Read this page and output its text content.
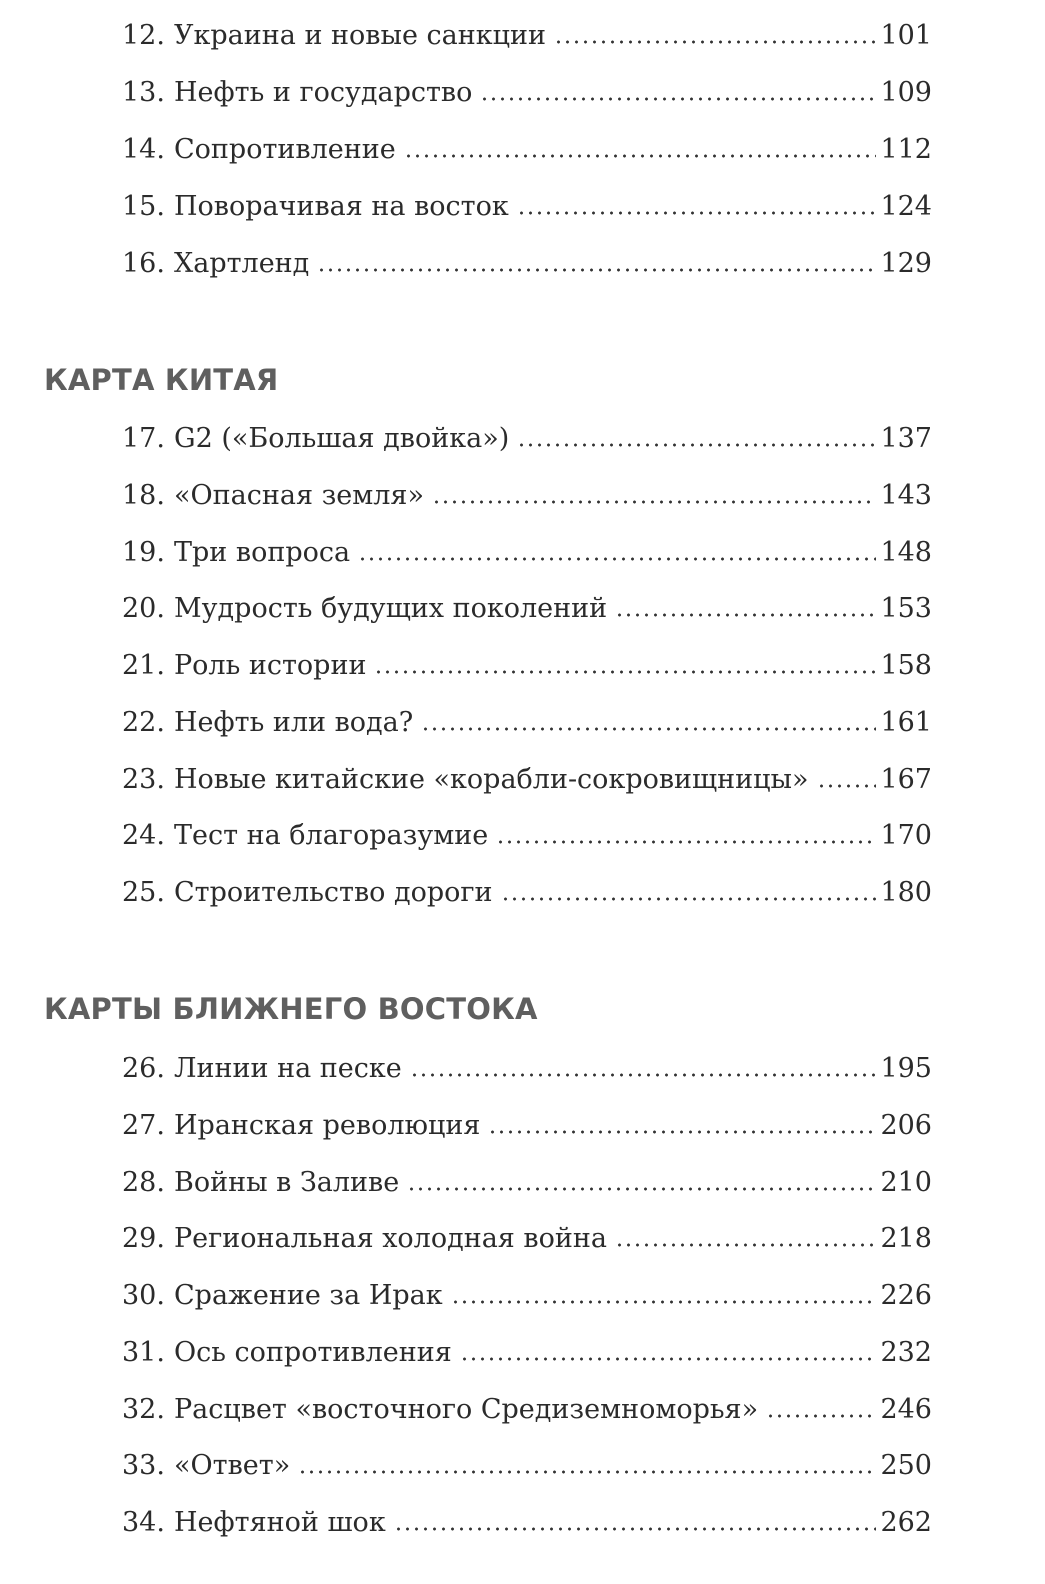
12. Украина и новые санкции	101
13. Нефть и государство	109
14. Сопротивление	112
15. Поворачивая на восток	124
16. Хартленд	129
КАРТА КИТАЯ
17. G2 («Большая двойка»)	137
18. «Опасная земля»	143
19. Три вопроса	148
20. Мудрость будущих поколений	153
21. Роль истории	158
22. Нефть или вода?	161
23. Новые китайские «корабли-сокровищницы»	167
24. Тест на благоразумие	170
25. Строительство дороги	180
КАРТЫ БЛИЖНЕГО ВОСТОКА
26. Линии на песке	195
27. Иранская революция	206
28. Войны в Заливе	210
29. Региональная холодная война	218
30. Сражение за Ирак	226
31. Ось сопротивления	232
32. Расцвет «восточного Средиземноморья»	246
33. «Ответ»	250
34. Нефтяной шок	262
